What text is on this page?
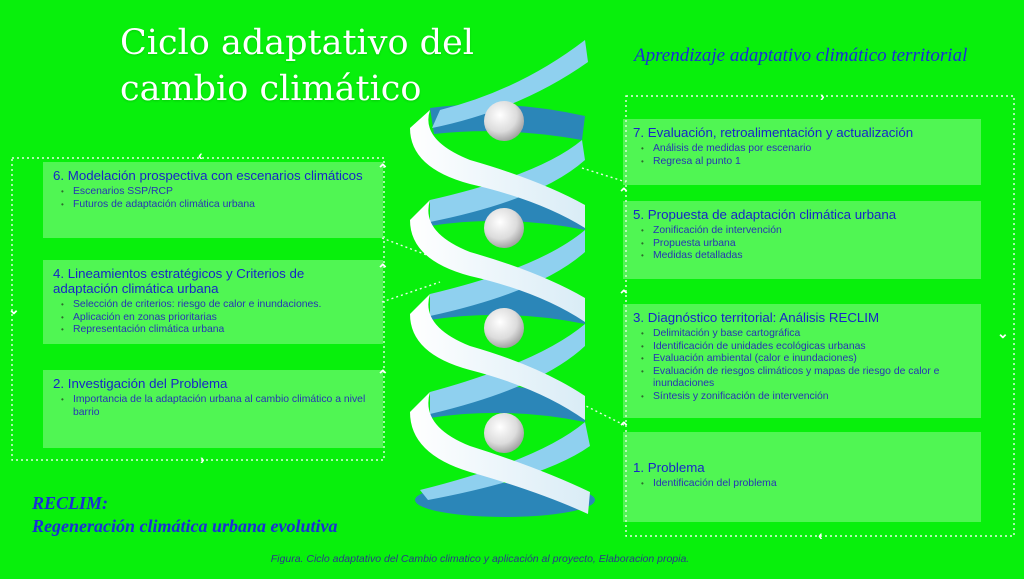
Ciclo adaptativo del cambio climático
Aprendizaje adaptativo climático territorial
RECLIM:
Regeneración climática urbana evolutiva
Figura. Ciclo adaptativo del Cambio climatico y aplicación al proyecto, Elaboracion propia.
6. Modelación prospectiva con escenarios climáticos
• Escenarios SSP/RCP
• Futuros de adaptación climática urbana
4. Lineamientos estratégicos y Criterios de adaptación climática urbana
• Selección de criterios: riesgo de calor e inundaciones.
• Aplicación en zonas prioritarias
• Representación climática urbana
2. Investigación del Problema
• Importancia de la adaptación urbana al cambio climático a nivel barrio
7. Evaluación, retroalimentación y actualización
• Análisis de medidas por escenario
• Regresa al punto 1
5. Propuesta de adaptación climática urbana
• Zonificación de intervención
• Propuesta urbana
• Medidas detalladas
3. Diagnóstico territorial: Análisis RECLIM
• Delimitación y base cartográfica
• Identificación de unidades ecológicas urbanas
• Evaluación ambiental (calor e inundaciones)
• Evaluación de riesgos climáticos y mapas de riesgo de calor e inundaciones
• Síntesis y zonificación de intervención
1. Problema
• Identificación del problema
‹
⌄
›
⌃
⌃
⌃
›
⌄
‹
⌃
⌃
⌃
